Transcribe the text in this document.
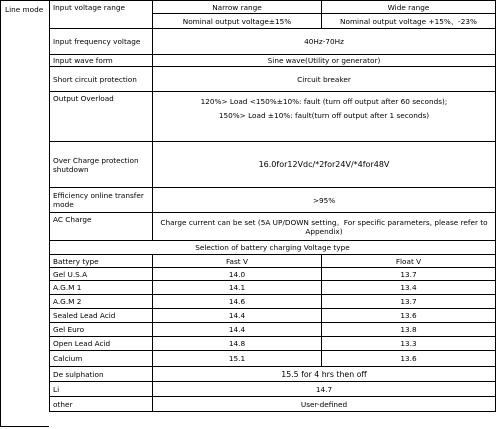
Line mode Input voltage range	Narrow range	Wide range
	Nominal output voltage±15%	Nominal output voltage +15%、-23%
Input frequency voltage	40Hz-70Hz	
Input wave form	Sine wave(Utility or generator)	
Short circuit protection	Circuit breaker	
Output Overload	120%> Load <150%±10%: fault (turn off output after 60 seconds);
150%> Load ±10%: fault(turn off output after 1 seconds)	

Over Charge protection shutdown	16.0for12Vdc/*2for24V/*4for48V	
Efficiency online transfer mode	>95%	
AC Charge	Charge current can be set (5A UP/DOWN setting。For specific parameters, please refer to Appendix)	
Selection of battery charging Voltage type		
Battery type	Fast V	Float V
Gel U.S.A	14.0	13.7
A.G.M 1	14.1	13.4
A.G.M 2	14.6	13.7
Sealed Lead Acid	14.4	13.6
Gel Euro	14.4	13.8
Open Lead Acid	14.8	13.3
Calcium	15.1	13.6
De sulphation	15.5 for 4 hrs then off	
Li	14.7	
other	User-defined	
